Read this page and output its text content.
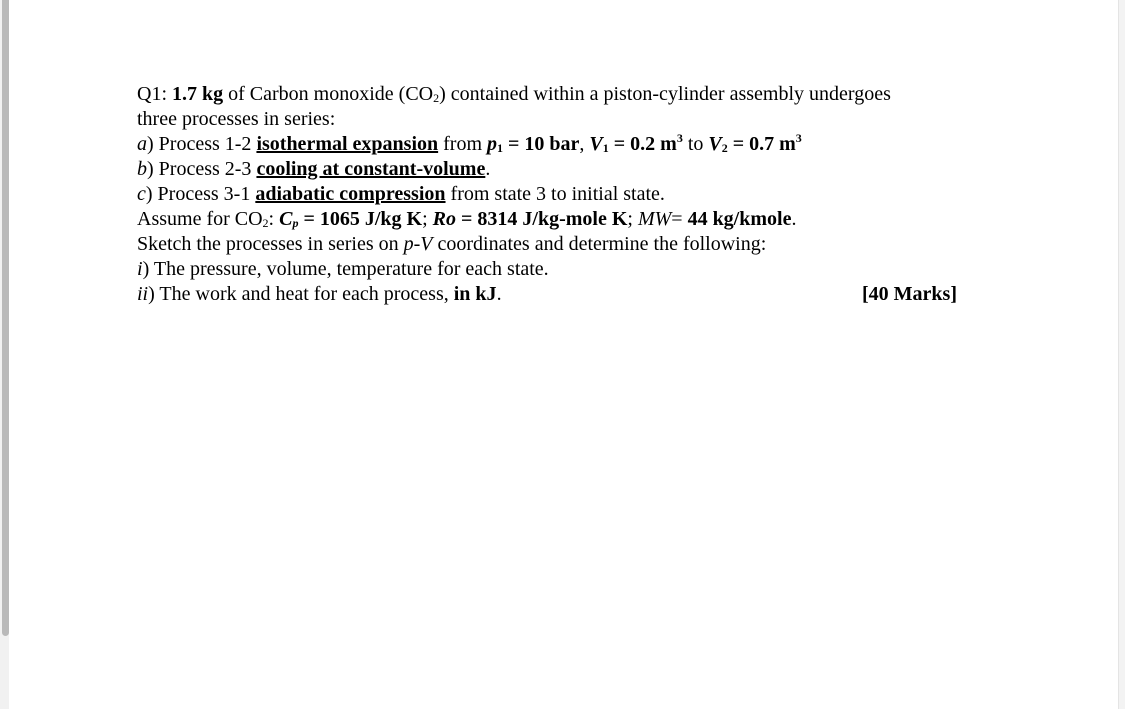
Q1: 1.7 kg of Carbon monoxide $(CO_2)$ contained within a piston-cylinder assembly undergoes
three processes in series:
a) Process 1-2 isothermal expansion from $p_1 = 10$ bar, $V_1 = 0.2$ $m^3$ to $V_2 = 0.7$ $m^3$
b) Process 2-3 cooling at constant-volume.
c) Process 3-1 adiabatic compression from state 3 to initial state.
Assume for $CO_2$: $C_p = 1065$ J/kg K; Ro = 8314 J/kg-mole K; MW= 44 kg/kmole.
Sketch the processes in series on p-V coordinates and determine the following:
i) The pressure, volume, temperature for each state.
ii) The work and heat for each process, in kJ.	[40 Marks]
